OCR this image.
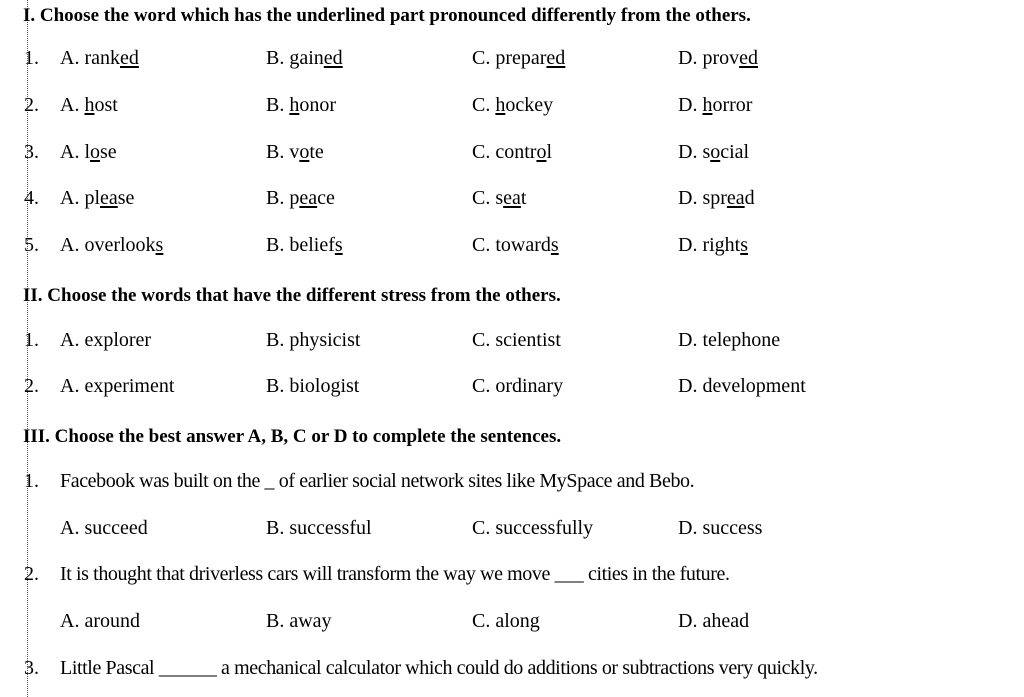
I. Choose the word which has the underlined part pronounced differently from the others.
1. A. ranked	B. gained	C. prepared	D. proved
2. A. host	B. honor	C. hockey	D. horror
3. A. lose	B. vote	C. control	D. social
4. A. please	B. peace	C. seat	D. spread
5. A. overlooks	B. beliefs	C. towards	D. rights
II. Choose the words that have the different stress from the others.
1. A. explorer	B. physicist	C. scientist	D. telephone
2. A. experiment	B. biologist	C. ordinary	D. development
III. Choose the best answer A, B, C or D to complete the sentences.
1. Facebook was built on the _ of earlier social network sites like MySpace and Bebo.
A. succeed	B. successful	C. successfully	D. success
2. It is thought that driverless cars will transform the way we move ___ cities in the future.
A. around	B. away	C. along	D. ahead
3. Little Pascal ______ a mechanical calculator which could do additions or subtractions very quickly.
